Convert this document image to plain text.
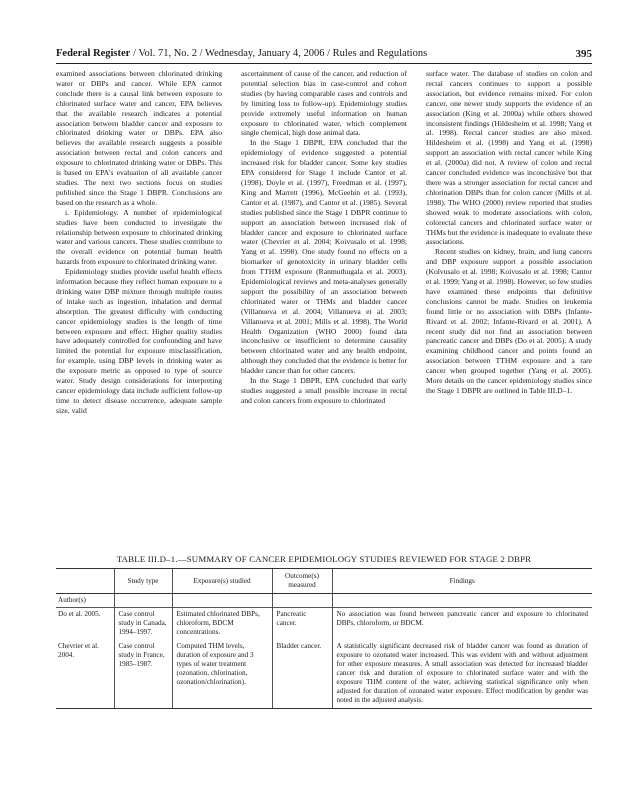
Federal Register / Vol. 71, No. 2 / Wednesday, January 4, 2006 / Rules and Regulations	395

examined associations between chlorinated drinking water or DBPs and cancer. While EPA cannot conclude there is a causal link between exposure to chlorinated surface water and cancer, EPA believes that the available research indicates a potential association between bladder cancer and exposure to chlorinated drinking water or DBPs. EPA also believes the available research suggests a possible association between rectal and colon cancers and exposure to chlorinated drinking water or DBPs. This is based on EPA's evaluation of all available cancer studies. The next two sections focus on studies published since the Stage 1 DBPR. Conclusions are based on the research as a whole.

i. Epidemiology. A number of epidemiological studies have been conducted to investigate the relationship between exposure to chlorinated drinking water and various cancers. These studies contribute to the overall evidence on potential human health hazards from exposure to chlorinated drinking water.

Epidemiology studies provide useful health effects information because they reflect human exposure to a drinking water DBP mixture through multiple routes of intake such as ingestion, inhalation and dermal absorption. The greatest difficulty with conducting cancer epidemiology studies is the length of time between exposure and effect. Higher quality studies have adequately controlled for confounding and have limited the potential for exposure misclassification, for example, using DBP levels in drinking water as the exposure metric as opposed to type of source water. Study design considerations for interpreting cancer epidemiology data include sufficient follow-up time to detect disease occurrence, adequate sample size, valid

ascertainment of cause of the cancer, and reduction of potential selection bias in case-control and cohort studies (by having comparable cases and controls and by limiting loss to follow-up). Epidemiology studies provide extremely useful information on human exposure to chlorinated water, which complement single chemical, high dose animal data.

In the Stage 1 DBPR, EPA concluded that the epidemiology of evidence suggested a potential increased risk for bladder cancer. Some key studies EPA considered for Stage 1 include Cantor et al. (1998), Doyle et al. (1997), Freedman et al. (1997), King and Marrett (1996), McGeehin et al. (1993), Cantor et al. (1987), and Cantor et al. (1985). Several studies published since the Stage 1 DBPR continue to support an association between increased risk of bladder cancer and exposure to chlorinated surface water (Chevrier et al. 2004; Koivusalo et al. 1998; Yang et al. 1998). One study found no effects on a biomarker of genotoxicity in urinary bladder cells from TTHM exposure (Ranmuthugala et al. 2003). Epidemiological reviews and meta-analyses generally support the possibility of an association between chlorinated water or THMs and bladder cancer (Villanueva et al. 2004; Villanueva et al. 2003; Villanueva et al. 2001; Mills et al. 1998). The World Health Organization (WHO 2000) found data inconclusive or insufficient to determine causality between chlorinated water and any health endpoint, although they concluded that the evidence is better for bladder cancer than for other cancers.

In the Stage 1 DBPR, EPA concluded that early studies suggested a small possible increase in rectal and colon cancers from exposure to chlorinated

surface water. The database of studies on colon and rectal cancers continues to support a possible association, but evidence remains mixed. For colon cancer, one newer study supports the evidence of an association (King et al. 2000a) while others showed inconsistent findings (Hildesheim et al. 1998; Yang et al. 1998). Rectal cancer studies are also mixed. Hildesheim et al. (1998) and Yang et al. (1998) support an association with rectal cancer while King et al. (2000a) did not. A review of colon and rectal cancer concluded evidence was inconclusive but that there was a stronger association for rectal cancer and chlorination DBPs than for colon cancer (Mills et al. 1998). The WHO (2000) review reported that studies showed weak to moderate associations with colon, colorectal cancers and chlorinated surface water or THMs but the evidence is inadequate to evaluate these associations.

Recent studies on kidney, brain, and lung cancers and DBP exposure support a possible association (Kolvusalo et al. 1998; Koivusalo et al. 1998; Cantor et al. 1999; Yang et al. 1998). However, so few studies have examined these endpoints that definitive conclusions cannot be made. Studies on leukemia found little or no association with DBPs (Infante-Rivard et al. 2002; Infante-Rivard et al. 2001). A recent study did not find an association between pancreatic cancer and DBPs (Do et al. 2005). A study examining childhood cancer and points found an association between TTHM exposure and a rare cancer when grouped together (Yang et al. 2005). More details on the cancer epidemiology studies since the Stage 1 DBPR are outlined in Table III.D–1.

TABLE III.D–1.—SUMMARY OF CANCER EPIDEMIOLOGY STUDIES REVIEWED FOR STAGE 2 DBPR
	Study type	Exposure(s) studied	Outcome(s) measured	Findings
Author(s)				
Do et al. 2005.	Case control study in Canada, 1994–1997.	Estimated chlorinated DBPs, chloroform, BDCM concentrations.	Pancreatic cancer.	No association was found between pancreatic cancer and exposure to chlorinated DBPs, chloroform, or BDCM.
Chevrier et al. 2004.	Case control study in France, 1985–1987.	Computed THM levels, duration of exposure and 3 types of water treatment (ozonation, chlorination, ozonation/chlorination).	Bladder cancer.	A statistically significant decreased risk of bladder cancer was found as duration of exposure to ozonated water increased. This was evident with and without adjustment for other exposure measures. A small association was detected for increased bladder cancer risk and duration of exposure to chlorinated surface water and with the exposure THM content of the water, achieving statistical significance only when adjusted for duration of ozonated water exposure. Effect modification by gender was noted in the adjusted analysis.
